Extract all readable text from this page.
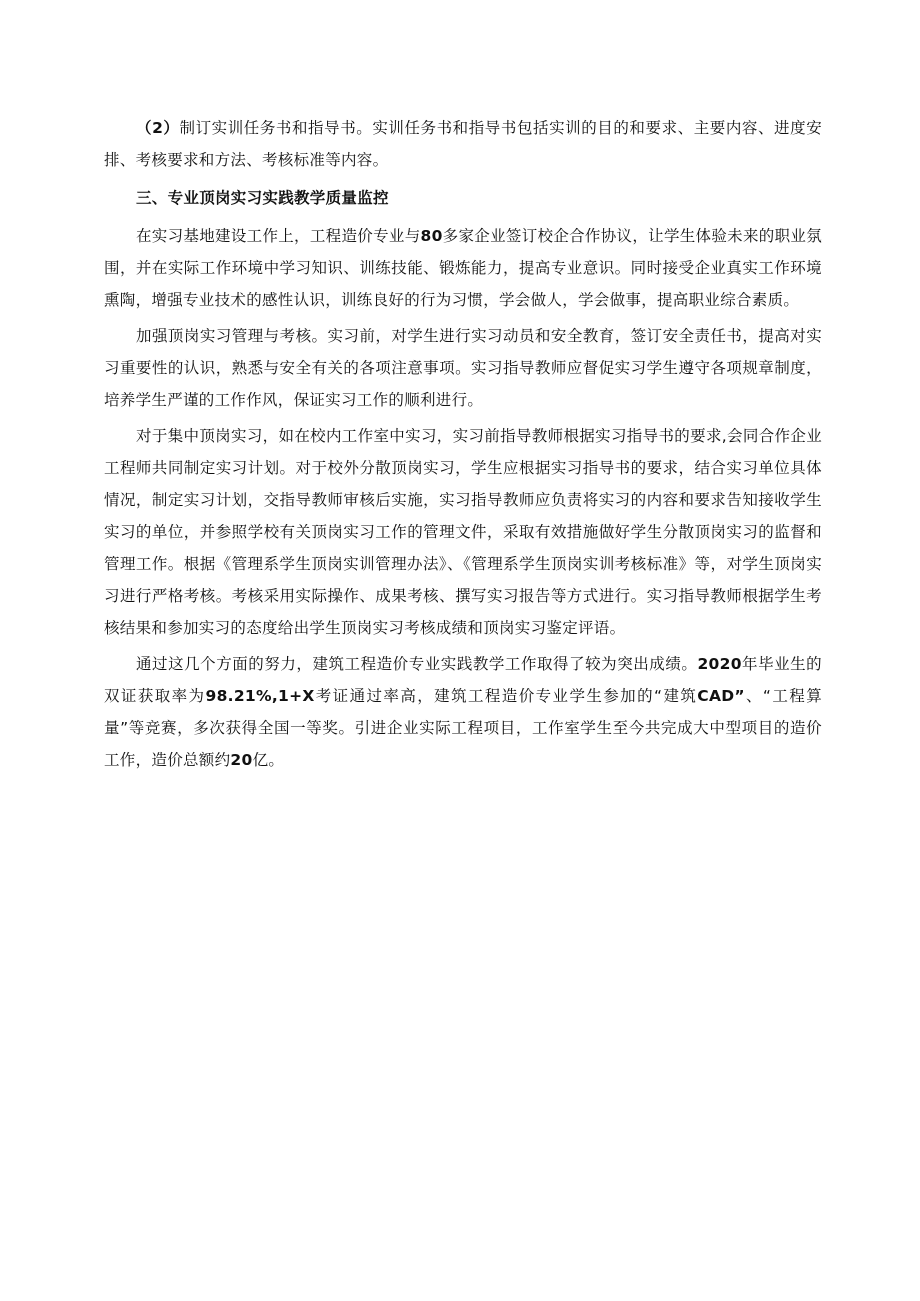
（2）制订实训任务书和指导书。实训任务书和指导书包括实训的目的和要求、主要内容、进度安排、考核要求和方法、考核标准等内容。

三、专业顶岗实习实践教学质量监控

在实习基地建设工作上，工程造价专业与80多家企业签订校企合作协议，让学生体验未来的职业氛围，并在实际工作环境中学习知识、训练技能、锻炼能力，提高专业意识。同时接受企业真实工作环境熏陶，增强专业技术的感性认识，训练良好的行为习惯，学会做人，学会做事，提高职业综合素质。

加强顶岗实习管理与考核。实习前，对学生进行实习动员和安全教育，签订安全责任书，提高对实习重要性的认识，熟悉与安全有关的各项注意事项。实习指导教师应督促实习学生遵守各项规章制度，培养学生严谨的工作作风，保证实习工作的顺利进行。

对于集中顶岗实习，如在校内工作室中实习，实习前指导教师根据实习指导书的要求,会同合作企业工程师共同制定实习计划。对于校外分散顶岗实习，学生应根据实习指导书的要求，结合实习单位具体情况，制定实习计划，交指导教师审核后实施，实习指导教师应负责将实习的内容和要求告知接收学生实习的单位，并参照学校有关顶岗实习工作的管理文件，采取有效措施做好学生分散顶岗实习的监督和管理工作。根据《管理系学生顶岗实训管理办法》、《管理系学生顶岗实训考核标准》等，对学生顶岗实习进行严格考核。考核采用实际操作、成果考核、撰写实习报告等方式进行。实习指导教师根据学生考核结果和参加实习的态度给出学生顶岗实习考核成绩和顶岗实习鉴定评语。

通过这几个方面的努力，建筑工程造价专业实践教学工作取得了较为突出成绩。2020年毕业生的双证获取率为98.21%,1+X考证通过率高，建筑工程造价专业学生参加的“建筑CAD”、“工程算量”等竞赛，多次获得全国一等奖。引进企业实际工程项目，工作室学生至今共完成大中型项目的造价工作，造价总额约20亿。
